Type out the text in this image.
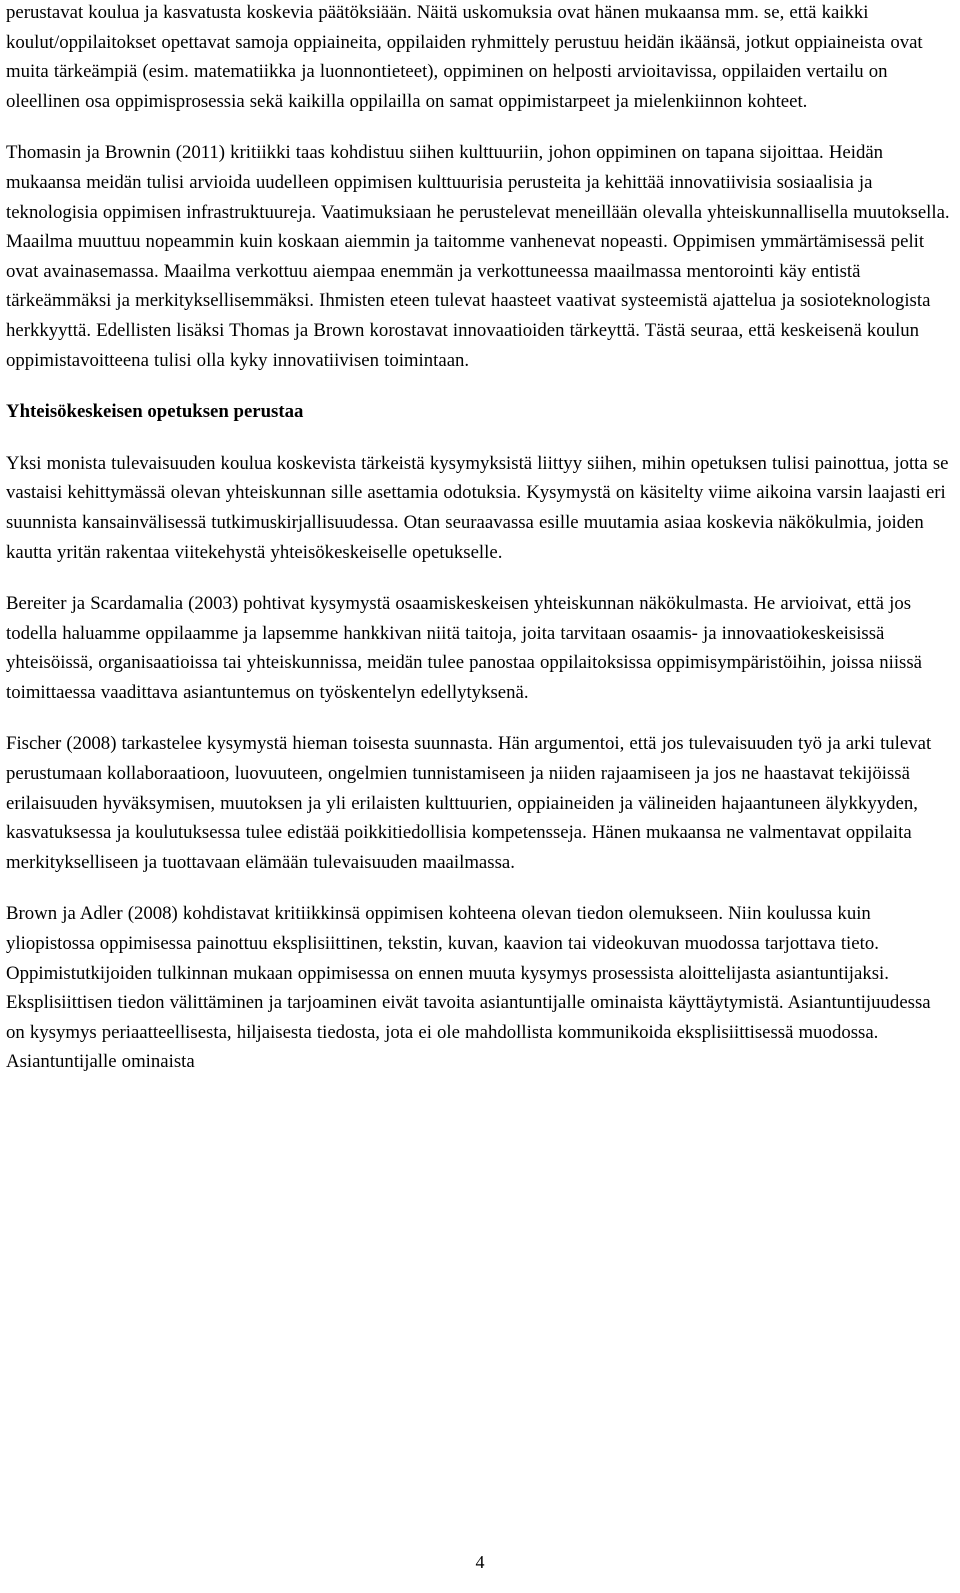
perustavat koulua ja kasvatusta koskevia päätöksiään. Näitä uskomuksia ovat hänen mukaansa mm. se, että kaikki koulut/oppilaitokset opettavat samoja oppiaineita, oppilaiden ryhmittely perustuu heidän ikäänsä, jotkut oppiaineista ovat muita tärkeämpiä (esim. matematiikka ja luonnontieteet), oppiminen on helposti arvioitavissa, oppilaiden vertailu on oleellinen osa oppimisprosessia sekä kaikilla oppilailla on samat oppimistarpeet ja mielenkiinnon kohteet.

Thomasin ja Brownin (2011) kritiikki taas kohdistuu siihen kulttuuriin, johon oppiminen on tapana sijoittaa. Heidän mukaansa meidän tulisi arvioida uudelleen oppimisen kulttuurisia perusteita ja kehittää innovatiivisia sosiaalisia ja teknologisia oppimisen infrastruktuureja. Vaatimuksiaan he perustelevat meneillään olevalla yhteiskunnallisella muutoksella. Maailma muuttuu nopeammin kuin koskaan aiemmin ja taitomme vanhenevat nopeasti. Oppimisen ymmärtämisessä pelit ovat avainasemassa. Maailma verkottuu aiempaa enemmän ja verkottuneessa maailmassa mentorointi käy entistä tärkeämmäksi ja merkityksellisemmäksi. Ihmisten eteen tulevat haasteet vaativat systeemistä ajattelua ja sosioteknologista herkkyyttä. Edellisten lisäksi Thomas ja Brown korostavat innovaatioiden tärkeyttä. Tästä seuraa, että keskeisenä koulun oppimistavoitteena tulisi olla kyky innovatiivisen toimintaan.

Yhteisökeskeisen opetuksen perustaa

Yksi monista tulevaisuuden koulua koskevista tärkeistä kysymyksistä liittyy siihen, mihin opetuksen tulisi painottua, jotta se vastaisi kehittymässä olevan yhteiskunnan sille asettamia odotuksia. Kysymystä on käsitelty viime aikoina varsin laajasti eri suunnista kansainvälisessä tutkimuskirjallisuudessa. Otan seuraavassa esille muutamia asiaa koskevia näkökulmia, joiden kautta yritän rakentaa viitekehystä yhteisökeskeiselle opetukselle.

Bereiter ja Scardamalia (2003) pohtivat kysymystä osaamiskeskeisen yhteiskunnan näkökulmasta. He arvioivat, että jos todella haluamme oppilaamme ja lapsemme hankkivan niitä taitoja, joita tarvitaan osaamis- ja innovaatiokeskeisissä yhteisöissä, organisaatioissa tai yhteiskunnissa, meidän tulee panostaa oppilaitoksissa oppimisympäristöihin, joissa niissä toimittaessa vaadittava asiantuntemus on työskentelyn edellytyksenä.

Fischer (2008) tarkastelee kysymystä hieman toisesta suunnasta. Hän argumentoi, että jos tulevaisuuden työ ja arki tulevat perustumaan kollaboraatioon, luovuuteen, ongelmien tunnistamiseen ja niiden rajaamiseen ja jos ne haastavat tekijöissä erilaisuuden hyväksymisen, muutoksen ja yli erilaisten kulttuurien, oppiaineiden ja välineiden hajaantuneen älykkyyden, kasvatuksessa ja koulutuksessa tulee edistää poikkitiedollisia kompetensseja. Hänen mukaansa ne valmentavat oppilaita merkitykselliseen ja tuottavaan elämään tulevaisuuden maailmassa.

Brown ja Adler (2008) kohdistavat kritiikkinsä oppimisen kohteena olevan tiedon olemukseen. Niin koulussa kuin yliopistossa oppimisessa painottuu eksplisiittinen, tekstin, kuvan, kaavion tai videokuvan muodossa tarjottava tieto. Oppimistutkijoiden tulkinnan mukaan oppimisessa on ennen muuta kysymys prosessista aloittelijasta asiantuntijaksi. Eksplisiittisen tiedon välittäminen ja tarjoaminen eivät tavoita asiantuntijalle ominaista käyttäytymistä. Asiantuntijuudessa on kysymys periaatteellisesta, hiljaisesta tiedosta, jota ei ole mahdollista kommunikoida eksplisiittisessä muodossa. Asiantuntijalle ominaista

4
